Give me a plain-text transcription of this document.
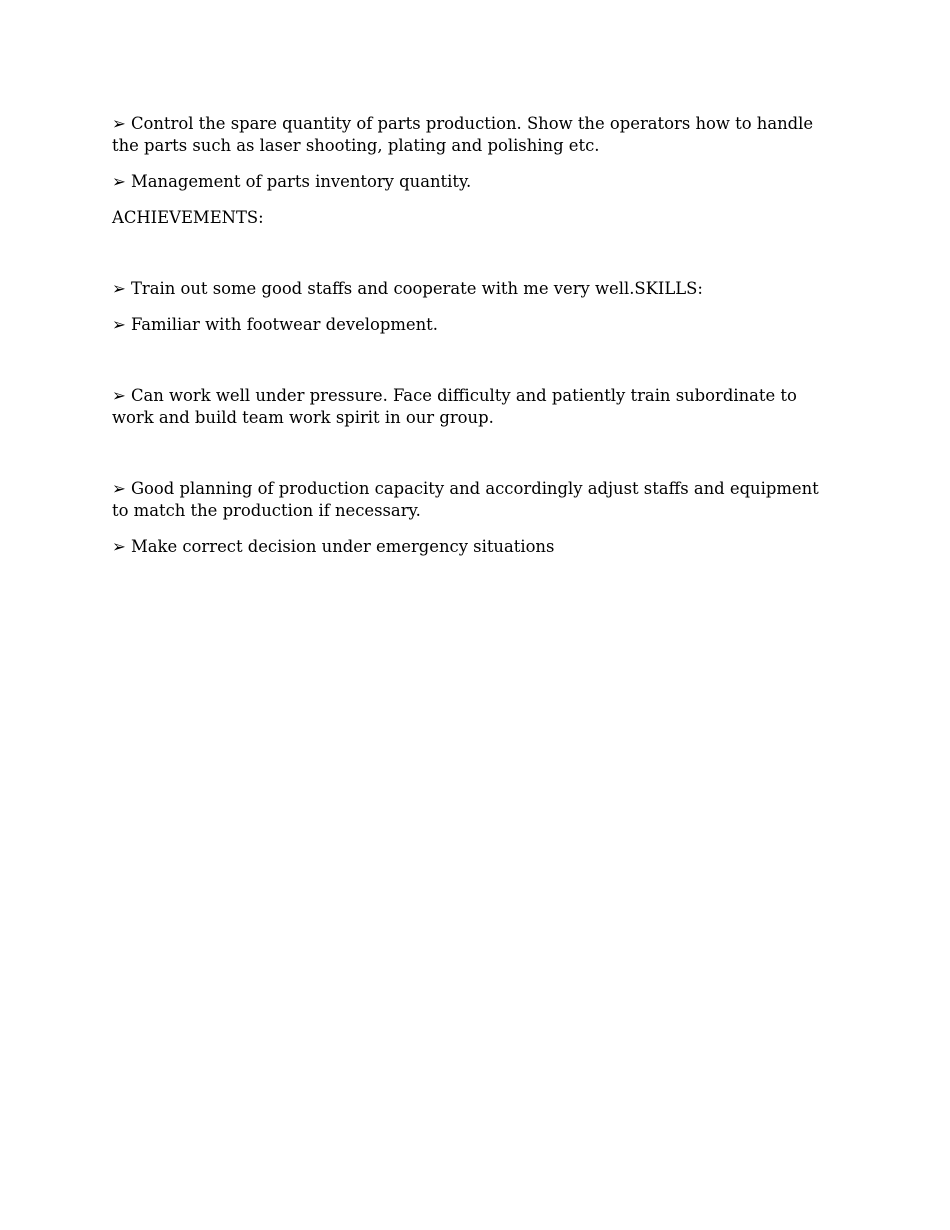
➢ Control the spare quantity of parts production. Show the operators how to handle the parts such as laser shooting, plating and polishing etc.

➢ Management of parts inventory quantity.

ACHIEVEMENTS:

➢ Train out some good staffs and cooperate with me very well.SKILLS:

➢ Familiar with footwear development.

➢ Can work well under pressure. Face difficulty and patiently train subordinate to work and build team work spirit in our group.

➢ Good planning of production capacity and accordingly adjust staffs and equipment to match the production if necessary.

➢ Make correct decision under emergency situations
